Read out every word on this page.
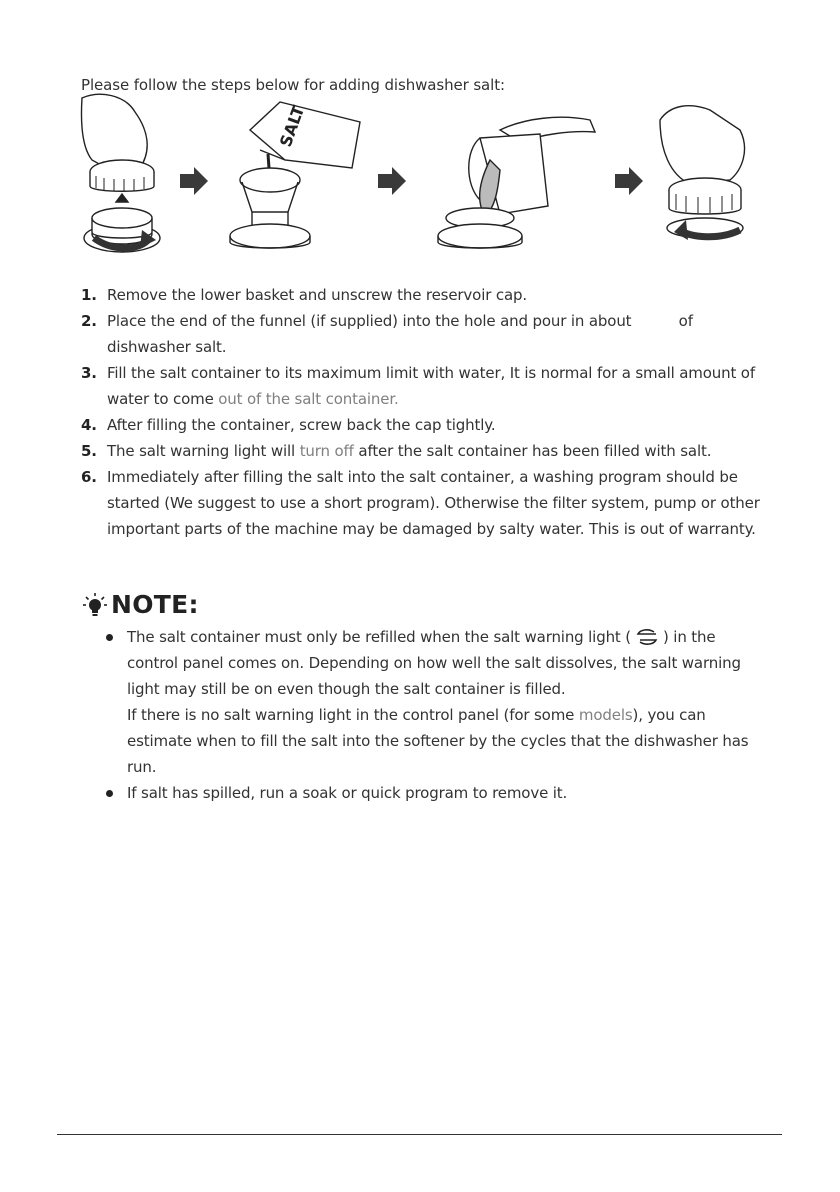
Please follow the steps below for adding dishwasher salt:

SALT
1. Remove the lower basket and unscrew the reservoir cap.
2. Place the end of the funnel (if supplied) into the hole and pour in about	of dishwasher salt.
3. Fill the salt container to its maximum limit with water, It is normal for a small amount of water to come out of the salt container.
4. After filling the container, screw back the cap tightly.
5. The salt warning light will turn off after the salt container has been filled with salt.
6. Immediately after filling the salt into the salt container, a washing program should be started (We suggest to use a short program). Otherwise the filter system, pump or other important parts of the machine may be damaged by salty water. This is out of warranty.
NOTE:
The salt container must only be refilled when the salt warning light ( ) in the control panel comes on. Depending on how well the salt dissolves, the salt warning light may still be on even though the salt container is filled.
If there is no salt warning light in the control panel (for some models), you can estimate when to fill the salt into the softener by the cycles that the dishwasher has run.
If salt has spilled, run a soak or quick program to remove it.
